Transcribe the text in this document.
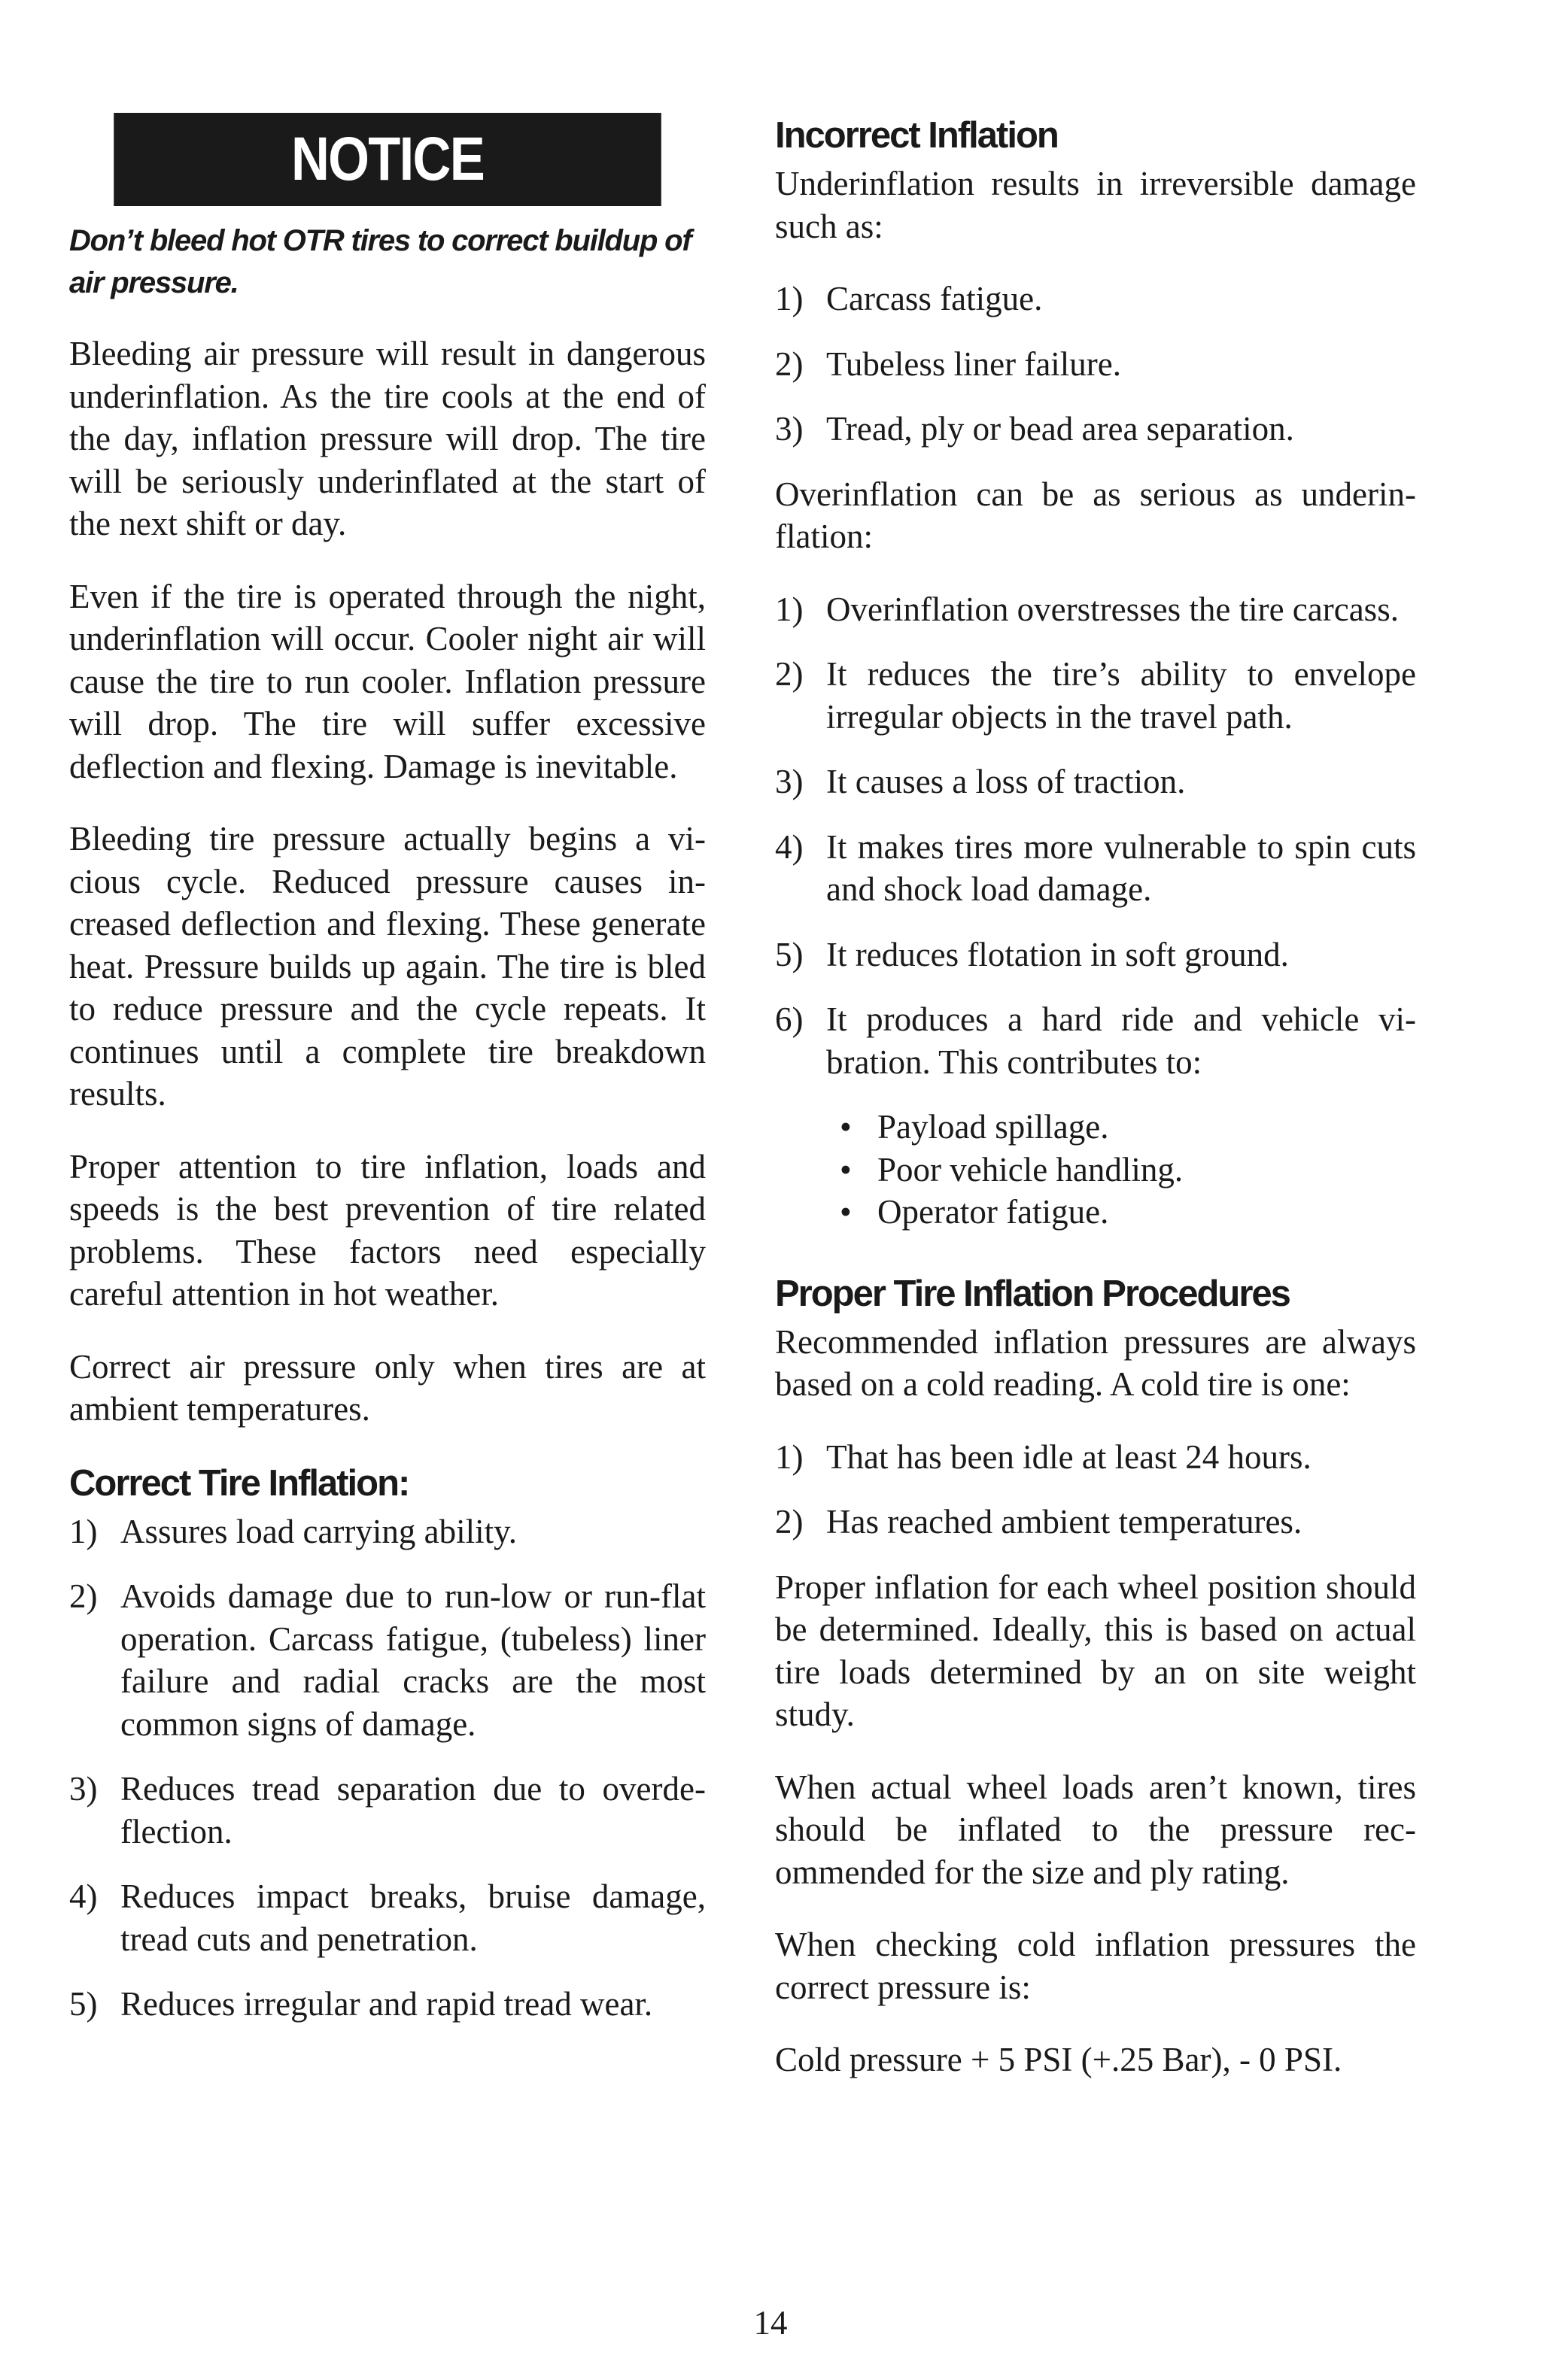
NOTICE

Don’t bleed hot OTR tires to correct buildup of air pressure.

Bleeding air pressure will result in dangerous underinflation. As the tire cools at the end of the day, inflation pressure will drop. The tire will be seriously underinflated at the start of the next shift or day.

Even if the tire is operated through the night, underinflation will occur. Cooler night air will cause the tire to run cooler. Inflation pressure will drop. The tire will suffer excessive deflection and flexing. Damage is inevitable.

Bleeding tire pressure actually begins a vicious cycle. Reduced pressure causes increased deflection and flexing. These generate heat. Pressure builds up again. The tire is bled to reduce pressure and the cycle repeats. It continues until a complete tire breakdown results.

Proper attention to tire inflation, loads and speeds is the best prevention of tire related problems. These factors need especially careful attention in hot weather.

Correct air pressure only when tires are at ambient temperatures.

Correct Tire Inflation:
1) Assures load carrying ability.
2) Avoids damage due to run-low or run-flat operation. Carcass fatigue, (tubeless) liner failure and radial cracks are the most common signs of damage.
3) Reduces tread separation due to overdeflection.
4) Reduces impact breaks, bruise damage, tread cuts and penetration.
5) Reduces irregular and rapid tread wear.
Incorrect Inflation

Underinflation results in irreversible damage such as:

1) Carcass fatigue.
2) Tubeless liner failure.
3) Tread, ply or bead area separation.

Overinflation can be as serious as underinflation:

1) Overinflation overstresses the tire carcass.
2) It reduces the tire’s ability to envelope irregular objects in the travel path.
3) It causes a loss of traction.
4) It makes tires more vulnerable to spin cuts and shock load damage.
5) It reduces flotation in soft ground.
6) It produces a hard ride and vehicle vibration. This contributes to:
• Payload spillage.
• Poor vehicle handling.
• Operator fatigue.
Proper Tire Inflation Procedures

Recommended inflation pressures are always based on a cold reading. A cold tire is one:

1) That has been idle at least 24 hours.
2) Has reached ambient temperatures.

Proper inflation for each wheel position should be determined. Ideally, this is based on actual tire loads determined by an on site weight study.

When actual wheel loads aren’t known, tires should be inflated to the pressure recommended for the size and ply rating.

When checking cold inflation pressures the correct pressure is:

Cold pressure + 5 PSI (+.25 Bar), - 0 PSI.

14
